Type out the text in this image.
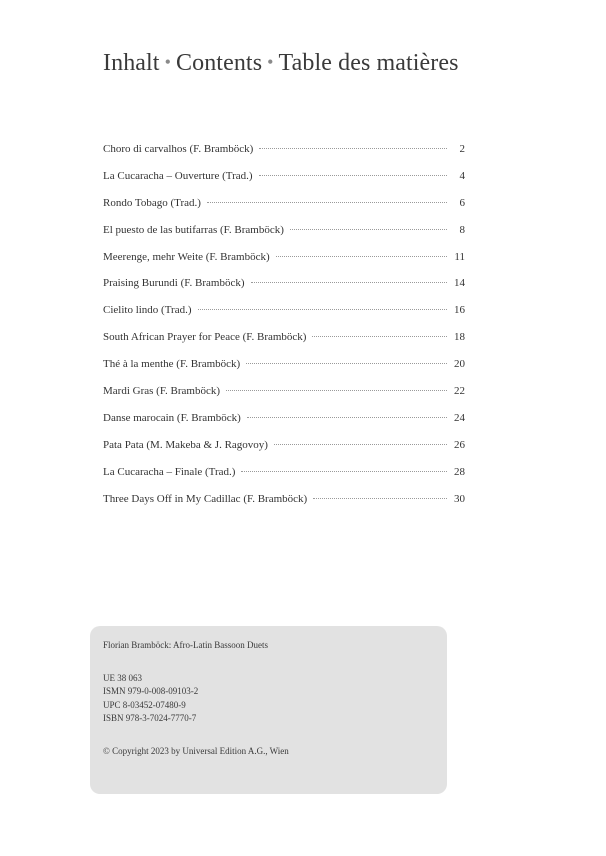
Inhalt • Contents • Table des matières
Choro di carvalhos (F. Bramböck)	2
La Cucaracha – Ouverture (Trad.)	4
Rondo Tobago (Trad.)	6
El puesto de las butifarras (F. Bramböck)	8
Meerenge, mehr Weite (F. Bramböck)	11
Praising Burundi (F. Bramböck)	14
Cielito lindo (Trad.)	16
South African Prayer for Peace (F. Bramböck)	18
Thé à la menthe (F. Bramböck)	20
Mardi Gras (F. Bramböck)	22
Danse marocain (F. Bramböck)	24
Pata Pata (M. Makeba & J. Ragovoy)	26
La Cucaracha – Finale (Trad.)	28
Three Days Off in My Cadillac (F. Bramböck)	30
Florian Bramböck: Afro-Latin Bassoon Duets
UE 38 063
ISMN 979-0-008-09103-2
UPC 8-03452-07480-9
ISBN 978-3-7024-7770-7
© Copyright 2023 by Universal Edition A.G., Wien
